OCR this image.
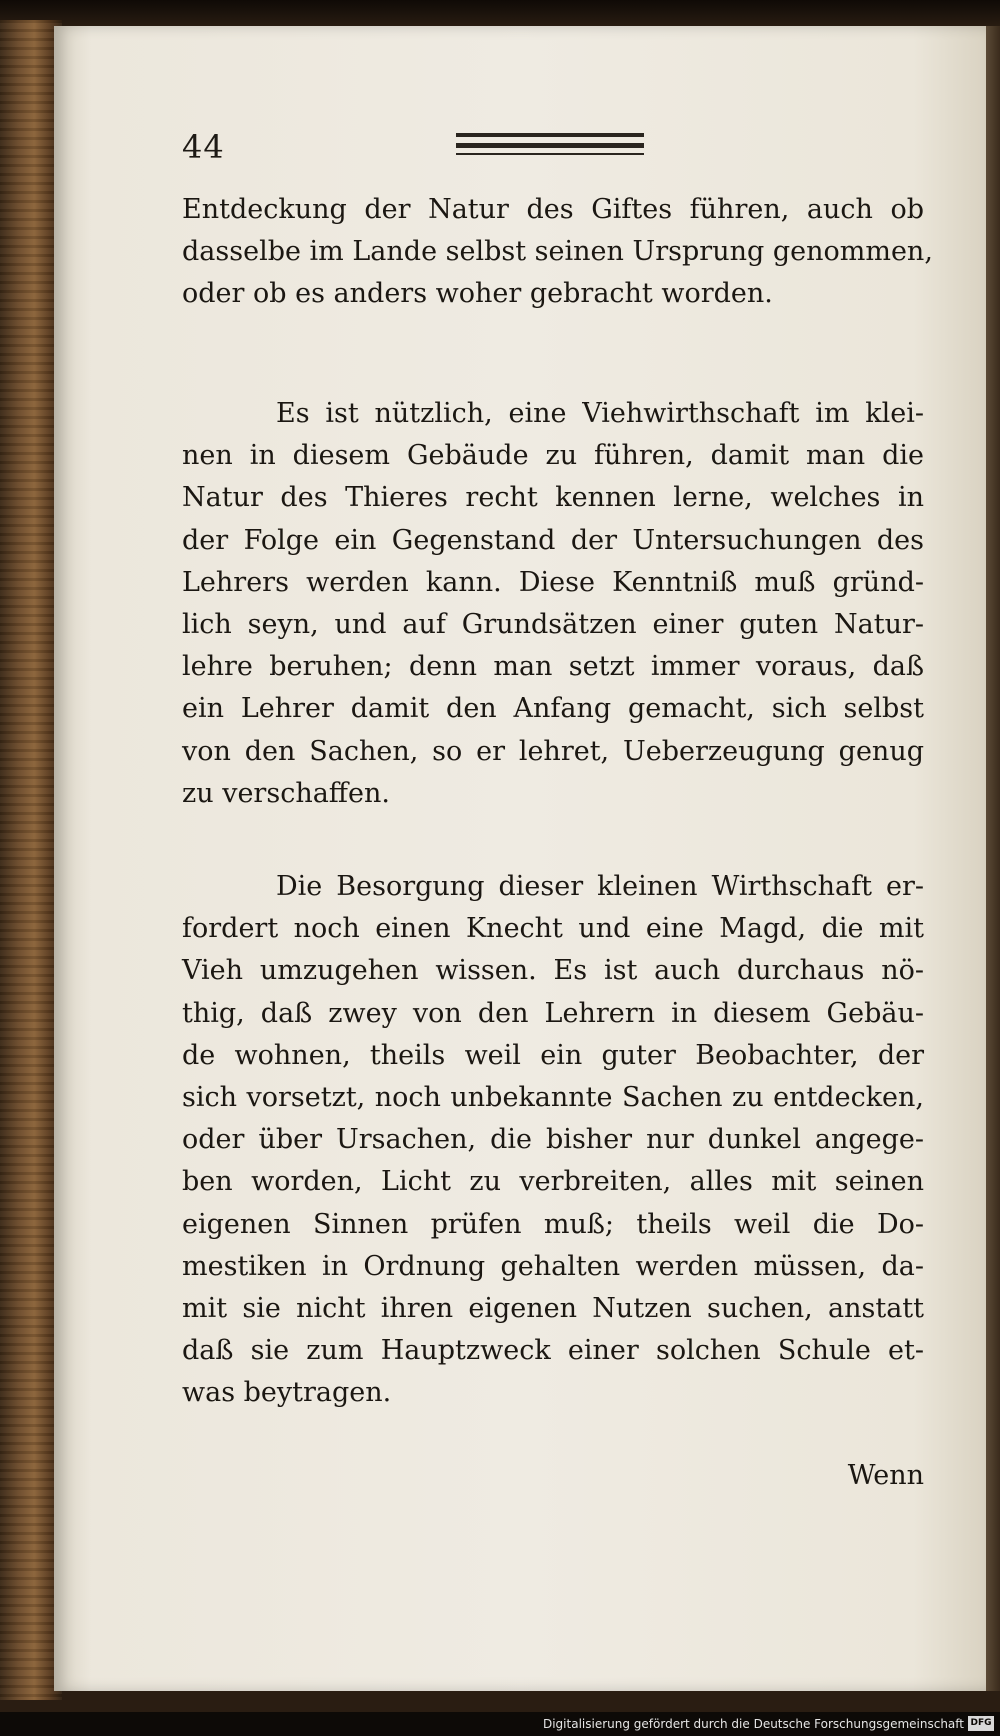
44
Entdeckung der Natur des Giftes führen, auch ob
dasselbe im Lande selbst seinen Ursprung genommen,
oder ob es anders woher gebracht worden.
Es ist nützlich, eine Viehwirthschaft im klei-
nen in diesem Gebäude zu führen, damit man die
Natur des Thieres recht kennen lerne, welches in
der Folge ein Gegenstand der Untersuchungen des
Lehrers werden kann. Diese Kenntniß muß gründ-
lich seyn, und auf Grundsätzen einer guten Natur-
lehre beruhen; denn man setzt immer voraus, daß
ein Lehrer damit den Anfang gemacht, sich selbst
von den Sachen, so er lehret, Ueberzeugung genug
zu verschaffen.
Die Besorgung dieser kleinen Wirthschaft er-
fordert noch einen Knecht und eine Magd, die mit
Vieh umzugehen wissen. Es ist auch durchaus nö-
thig, daß zwey von den Lehrern in diesem Gebäu-
de wohnen, theils weil ein guter Beobachter, der
sich vorsetzt, noch unbekannte Sachen zu entdecken,
oder über Ursachen, die bisher nur dunkel angege-
ben worden, Licht zu verbreiten, alles mit seinen
eigenen Sinnen prüfen muß; theils weil die Do-
mestiken in Ordnung gehalten werden müssen, da-
mit sie nicht ihren eigenen Nutzen suchen, anstatt
daß sie zum Hauptzweck einer solchen Schule et-
was beytragen.
Wenn
Digitalisierung gefördert durch die Deutsche Forschungsgemeinschaft DFG
